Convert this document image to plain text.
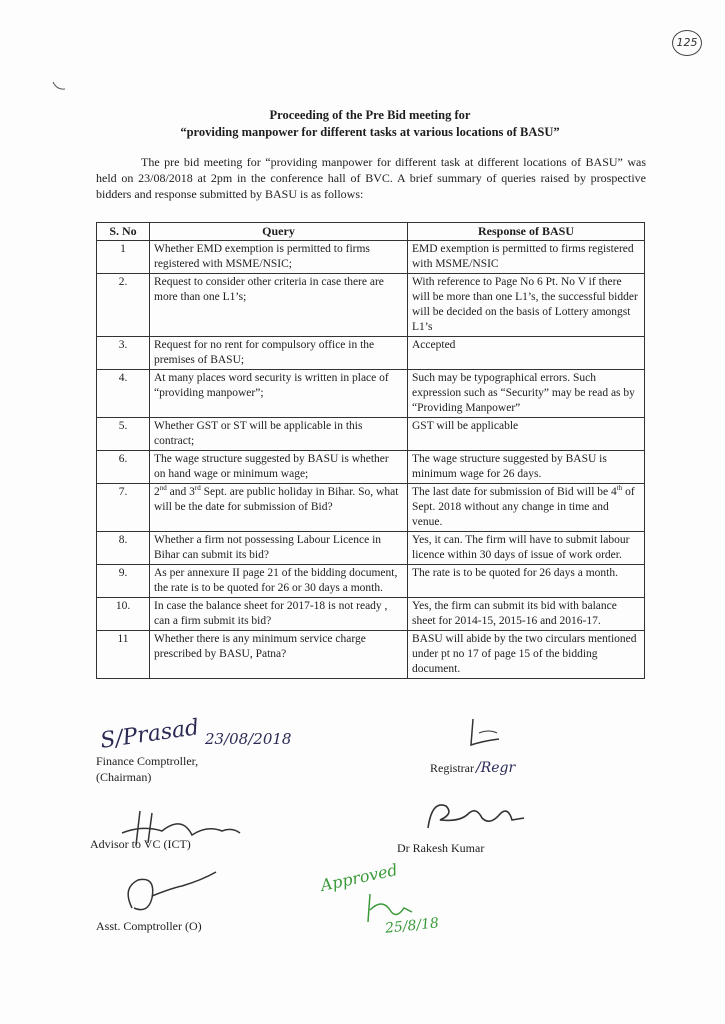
125
Proceeding of the Pre Bid meeting for
“providing manpower for different tasks at various locations of BASU”
The pre bid meeting for “providing manpower for different task at different locations of BASU” was held on 23/08/2018 at 2pm in the conference hall of BVC. A brief summary of queries raised by prospective bidders and response submitted by BASU is as follows:
S. No	Query	Response of BASU
1	Whether EMD exemption is permitted to firms registered with MSME/NSIC;	EMD exemption is permitted to firms registered with MSME/NSIC
2.	Request to consider other criteria in case there are more than one L1’s;	With reference to Page No 6 Pt. No V if there will be more than one L1’s, the successful bidder will be decided on the basis of Lottery amongst L1’s
3.	Request for no rent for compulsory office in the premises of BASU;	Accepted
4.	At many places word security is written in place of “providing manpower”;	Such may be typographical errors. Such expression such as “Security” may be read as by “Providing Manpower”
5.	Whether GST or ST will be applicable in this contract;	GST will be applicable
6.	The wage structure suggested by BASU is whether on hand wage or minimum wage;	The wage structure suggested by BASU is minimum wage for 26 days.
7.	2nd and 3rd Sept. are public holiday in Bihar. So, what will be the date for submission of Bid?	The last date for submission of Bid will be 4th of Sept. 2018 without any change in time and venue.
8.	Whether a firm not possessing Labour Licence in Bihar can submit its bid?	Yes, it can. The firm will have to submit labour licence within 30 days of issue of work order.
9.	As per annexure II page 21 of the bidding document, the rate is to be quoted for 26 or 30 days a month.	The rate is to be quoted for 26 days a month.
10.	In case the balance sheet for 2017-18 is not ready , can a firm submit its bid?	Yes, the firm can submit its bid with balance sheet for 2014-15, 2015-16 and 2016-17.
11	Whether there is any minimum service charge prescribed by BASU, Patna?	BASU will abide by the two circulars mentioned under pt no 17 of page 15 of the bidding document.
S/Prasad 23/08/2018
Finance Comptroller,
(Chairman)
Registrar /Regr
Advisor to VC (ICT)	Dr Rakesh Kumar
Asst. Comptroller (O)
Approved
25/8/18
